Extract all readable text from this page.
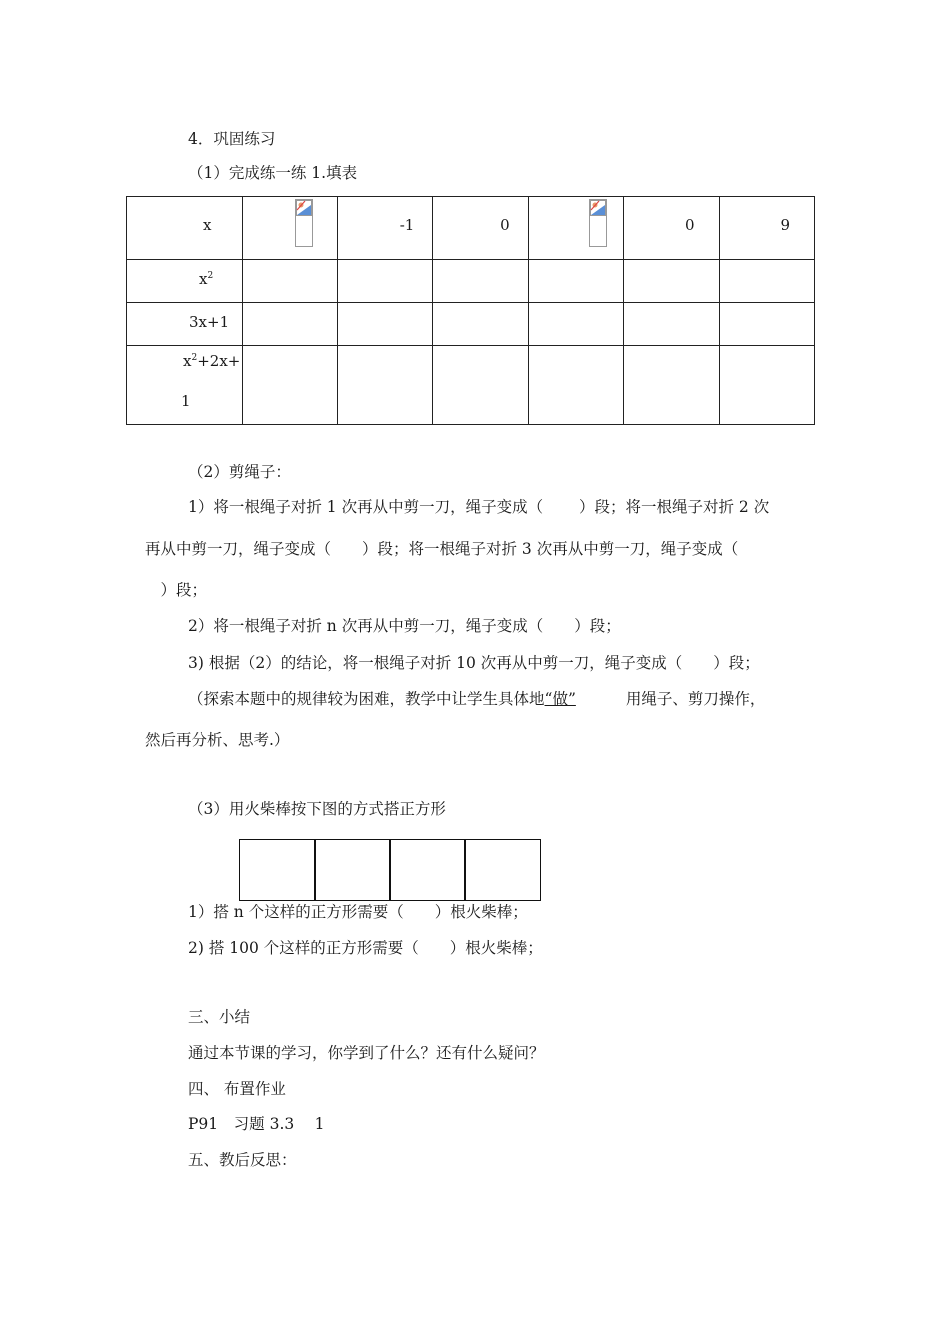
4．巩固练习
（1）完成练一练 1.填表
x		-1	0		0	9

$x^2$

3x+1						

$x^2+2x+$
1						

（2）剪绳子：
1）将一根绳子对折 1 次再从中剪一刀，绳子变成（　　 ）段；将一根绳子对折 2 次
再从中剪一刀，绳子变成（　　）段；将一根绳子对折 3 次再从中剪一刀，绳子变成（
　）段；
2）将一根绳子对折 n 次再从中剪一刀，绳子变成（　　）段；
3) 根据（2）的结论，将一根绳子对折 10 次再从中剪一刀，绳子变成（　　）段；
（探索本题中的规律较为困难，教学中让学生具体地“做”	用绳子、剪刀操作，
然后再分析、思考.）
（3）用火柴棒按下图的方式搭正方形
1）搭 n 个这样的正方形需要（　　）根火柴棒；
2) 搭 100 个这样的正方形需要（　　）根火柴棒；
三、小结
通过本节课的学习，你学到了什么？还有什么疑问？
四、 布置作业
P91　习题 3.3　 1
五、教后反思：
